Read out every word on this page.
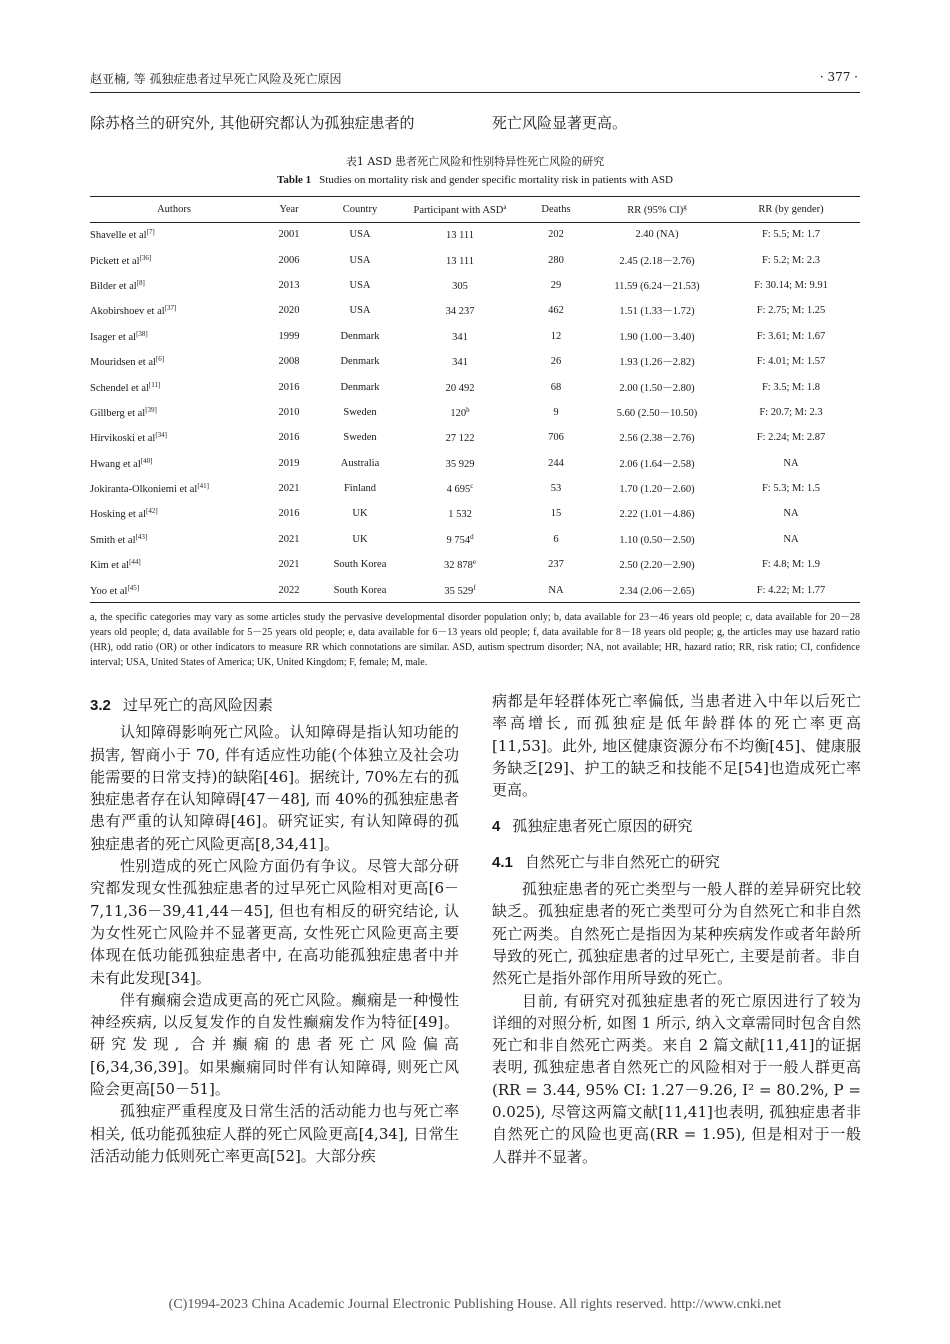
赵亚楠, 等 孤独症患者过早死亡风险及死亡原因	· 377 ·
除苏格兰的研究外, 其他研究都认为孤独症患者的	死亡风险显著更高。
表1 ASD 患者死亡风险和性别特异性死亡风险的研究
Table 1 Studies on mortality risk and gender specific mortality risk in patients with ASD
Authors	Year	Country	Participant with ASD$^a$	Deaths	RR (95% CI)$^g$	RR (by gender)
Shavelle et al[7]	2001	USA	13 111	202	2.40 (NA)	F: 5.5; M: 1.7
Pickett et al[36]	2006	USA	13 111	280	2.45 (2.18－2.76)	F: 5.2; M: 2.3
Bilder et al[8]	2013	USA	305	29	11.59 (6.24－21.53)	F: 30.14; M: 9.91
Akobirshoev et al[37]	2020	USA	34 237	462	1.51 (1.33－1.72)	F: 2.75; M: 1.25
Isager et al[38]	1999	Denmark	341	12	1.90 (1.00－3.40)	F: 3.61; M: 1.67
Mouridsen et al[6]	2008	Denmark	341	26	1.93 (1.26－2.82)	F: 4.01; M: 1.57
Schendel et al[11]	2016	Denmark	20 492	68	2.00 (1.50－2.80)	F: 3.5; M: 1.8
Gillberg et al[39]	2010	Sweden	120$^b$	9	5.60 (2.50－10.50)	F: 20.7; M: 2.3
Hirvikoski et al[34]	2016	Sweden	27 122	706	2.56 (2.38－2.76)	F: 2.24; M: 2.87
Hwang et al[40]	2019	Australia	35 929	244	2.06 (1.64－2.58)	NA
Jokiranta-Olkoniemi et al[41]	2021	Finland	4 695$^c$	53	1.70 (1.20－2.60)	F: 5.3; M: 1.5
Hosking et al[42]	2016	UK	1 532	15	2.22 (1.01－4.86)	NA
Smith et al[43]	2021	UK	9 754$^d$	6	1.10 (0.50－2.50)	NA
Kim et al[44]	2021	South Korea	32 878e	237	2.50 (2.20－2.90)	F: 4.8; M: 1.9
Yoo et al[45]	2022	South Korea	35 529$^f$	NA	2.34 (2.06－2.65)	F: 4.22; M: 1.77
a, the specific categories may vary as some articles study the pervasive developmental disorder population only; b, data available for 23－46 years old people; c, data available for 20－28 years old people; d, data available for 5－25 years old people; e, data available for 6－13 years old people; f, data available for 8－18 years old people; g, the articles may use hazard ratio (HR), odd ratio (OR) or other indicators to measure RR which connotations are similar. ASD, autism spectrum disorder; NA, not available; HR, hazard ratio; RR, risk ratio; CI, confidence interval; USA, United States of America; UK, United Kingdom; F, female; M, male.

3.2 过早死亡的高风险因素

认知障碍影响死亡风险。认知障碍是指认知功能的损害, 智商小于 70, 伴有适应性功能(个体独立及社会功能需要的日常支持)的缺陷[46]。据统计, 70%左右的孤独症患者存在认知障碍[47－48], 而 40%的孤独症患者患有严重的认知障碍[46]。研究证实, 有认知障碍的孤独症患者的死亡风险更高[8,34,41]。

性别造成的死亡风险方面仍有争议。尽管大部分研究都发现女性孤独症患者的过早死亡风险相对更高[6－7,11,36－39,41,44－45], 但也有相反的研究结论, 认为女性死亡风险并不显著更高, 女性死亡风险更高主要体现在低功能孤独症患者中, 在高功能孤独症患者中并未有此发现[34]。

伴有癫痫会造成更高的死亡风险。癫痫是一种慢性神经疾病, 以反复发作的自发性癫痫发作为特征[49]。研究发现, 合并癫痫的患者死亡风险偏高[6,34,36,39]。如果癫痫同时伴有认知障碍, 则死亡风险会更高[50－51]。

孤独症严重程度及日常生活的活动能力也与死亡率相关, 低功能孤独症人群的死亡风险更高[4,34], 日常生活活动能力低则死亡率更高[52]。大部分疾

病都是年轻群体死亡率偏低, 当患者进入中年以后死亡率高增长, 而孤独症是低年龄群体的死亡率更高[11,53]。此外, 地区健康资源分布不均衡[45]、健康服务缺乏[29]、护工的缺乏和技能不足[54]也造成死亡率更高。

4 孤独症患者死亡原因的研究

4.1 自然死亡与非自然死亡的研究

孤独症患者的死亡类型与一般人群的差异研究比较缺乏。孤独症患者的死亡类型可分为自然死亡和非自然死亡两类。自然死亡是指因为某种疾病发作或者年龄所导致的死亡, 孤独症患者的过早死亡, 主要是前者。非自然死亡是指外部作用所导致的死亡。

目前, 有研究对孤独症患者的死亡原因进行了较为详细的对照分析, 如图 1 所示, 纳入文章需同时包含自然死亡和非自然死亡两类。来自 2 篇文献[11,41]的证据表明, 孤独症患者自然死亡的风险相对于一般人群更高(RR = 3.44, 95% CI: 1.27－9.26, I² = 80.2%, P = 0.025), 尽管这两篇文献[11,41]也表明, 孤独症患者非自然死亡的风险也更高(RR = 1.95), 但是相对于一般人群并不显著。

(C)1994-2023 China Academic Journal Electronic Publishing House. All rights reserved. http://www.cnki.net
